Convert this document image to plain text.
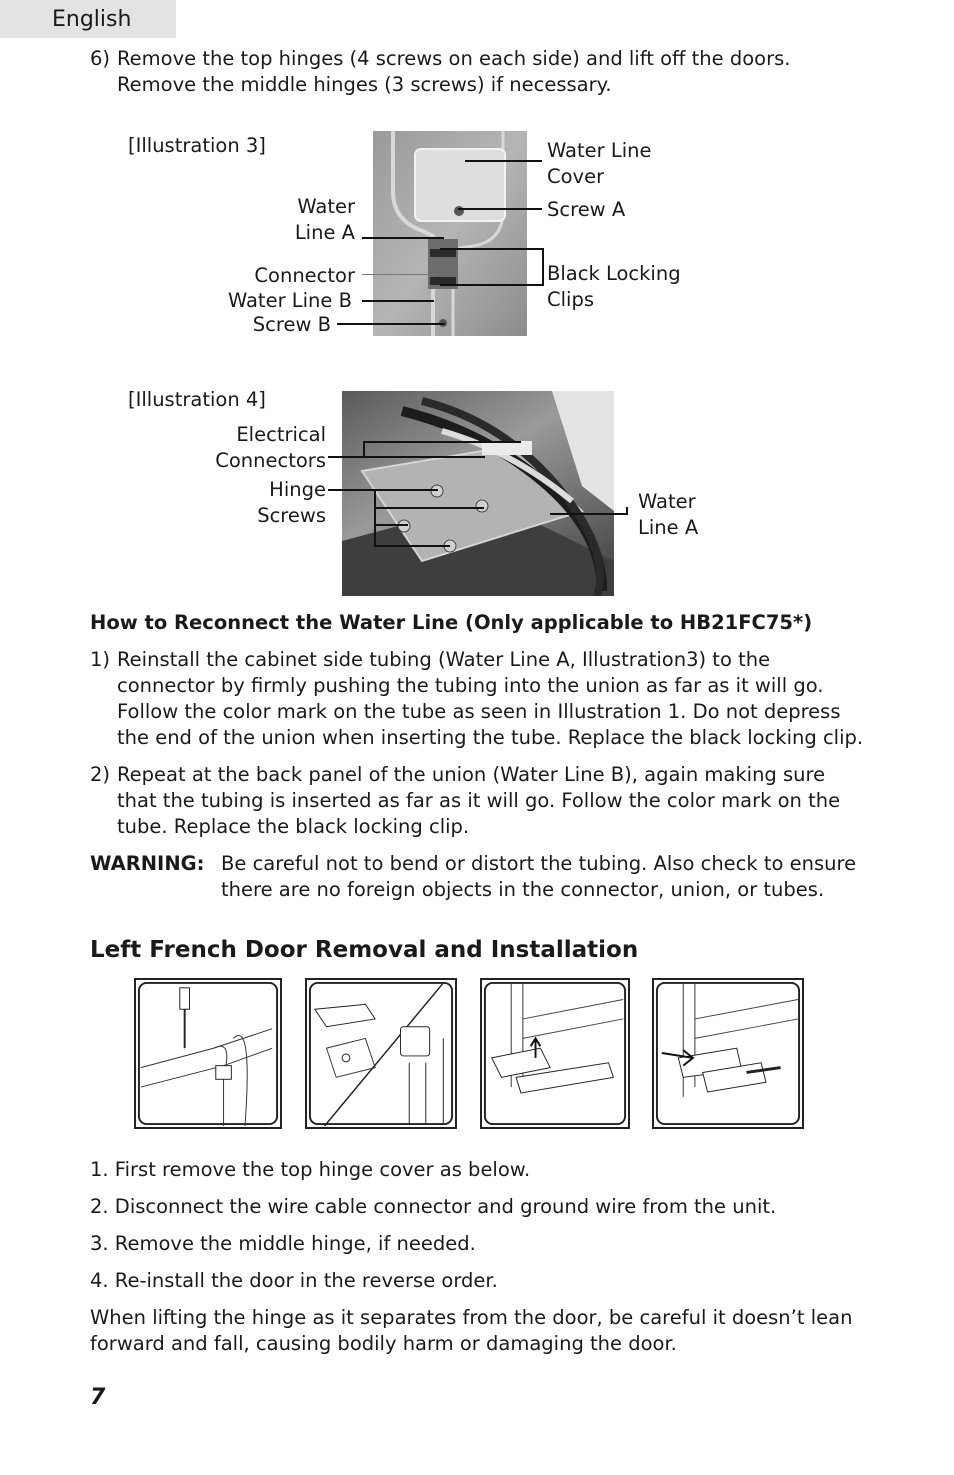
English
6) Remove the top hinges (4 screws on each side) and lift off the doors. Remove the middle hinges (3 screws) if necessary.
[Illustration 3]	Water Line Cover
Screw A
Black Locking Clips
Water Line A
Connector
Water Line B
Screw B
[Illustration 4]
Electrical Connectors
Hinge Screws
Water Line A
How to Reconnect the Water Line (Only applicable to HB21FC75*)
1) Reinstall the cabinet side tubing (Water Line A, Illustration3) to the connector by firmly pushing the tubing into the union as far as it will go. Follow the color mark on the tube as seen in Illustration 1. Do not depress the end of the union when inserting the tube. Replace the black locking clip.
2) Repeat at the back panel of the union (Water Line B), again making sure that the tubing is inserted as far as it will go. Follow the color mark on the tube. Replace the black locking clip.
WARNING: Be careful not to bend or distort the tubing. Also check to ensure there are no foreign objects in the connector, union, or tubes.
Left French Door Removal and Installation
1. First remove the top hinge cover as below.
2. Disconnect the wire cable connector and ground wire from the unit.
3. Remove the middle hinge, if needed.
4. Re-install the door in the reverse order.
When lifting the hinge as it separates from the door, be careful it doesn’t lean forward and fall, causing bodily harm or damaging the door.
7
